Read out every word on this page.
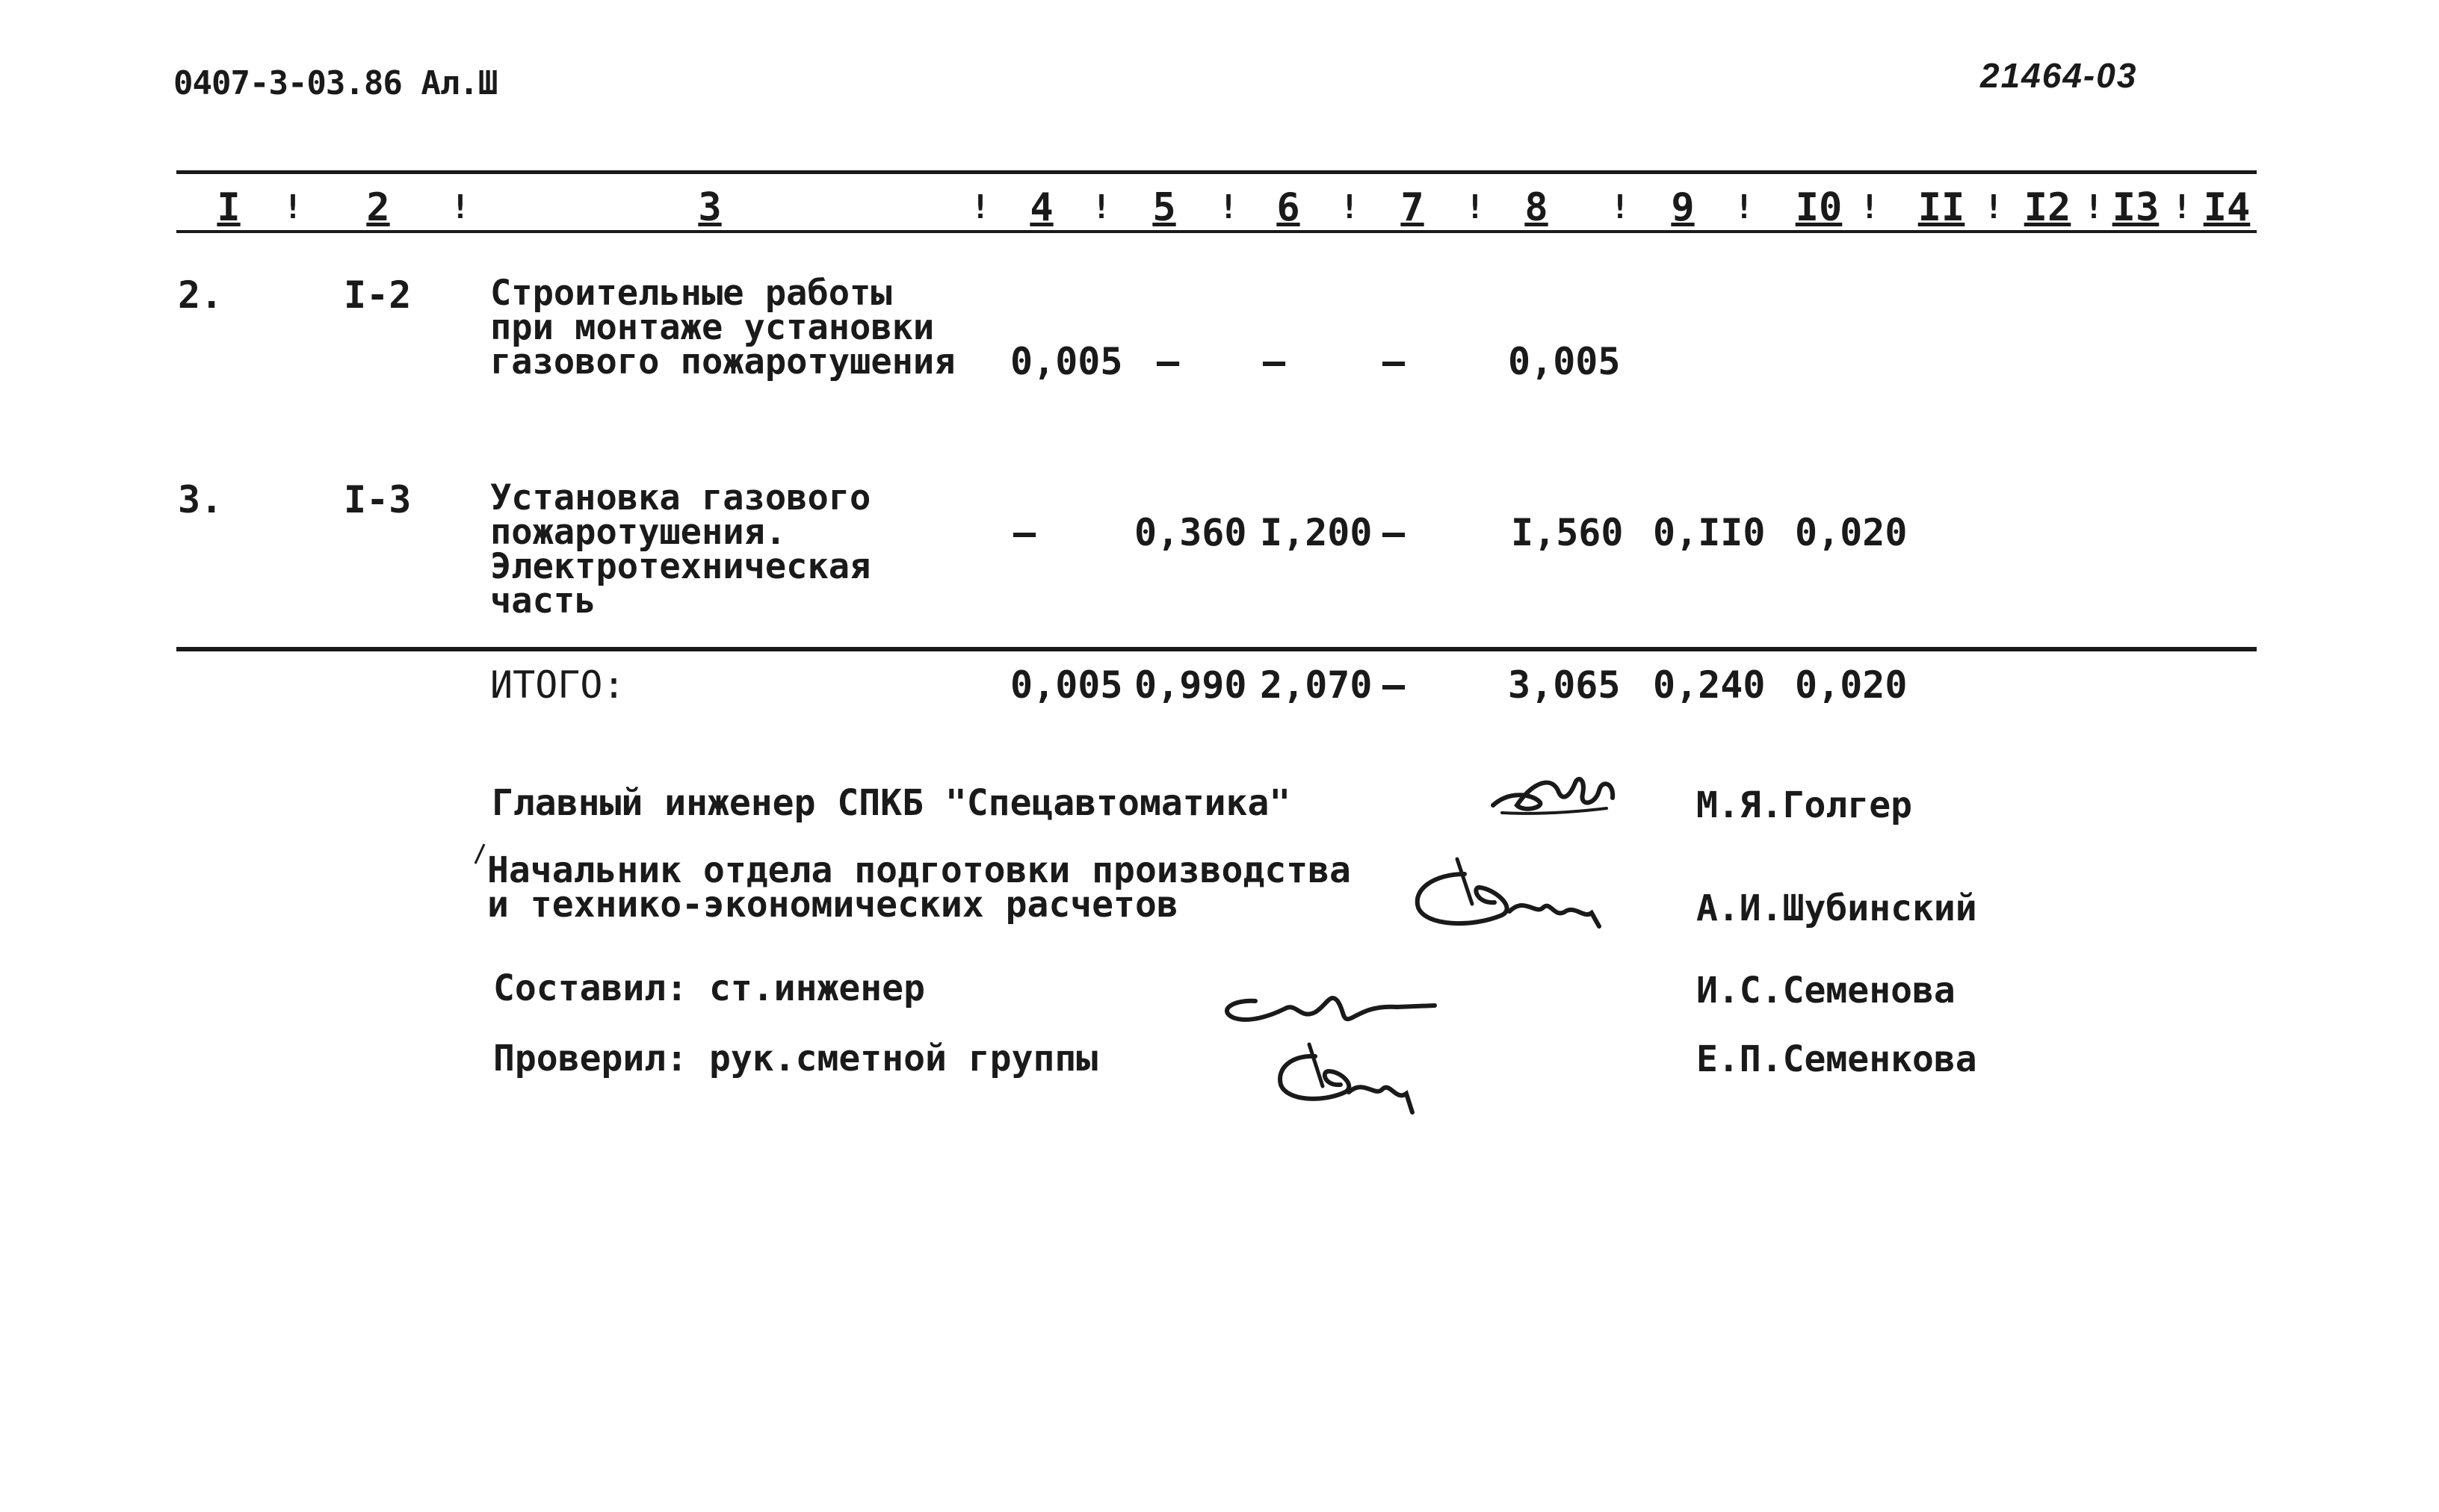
0407-3-03.86 Ал.Ш	21464-03
I ! 2 !	3	! 4 ! 5 ! 6 ! 7 ! 8 ! 9 ! I0 ! II ! I2 ! I3 ! I4
2.	I-2 Строительные работы
при монтаже установки
газового пожаротушения 0,005 – –	–	0,005
3.	I-3 Установка газового
пожаротушения.
Электротехническая
часть
–	0,360 I,200 –	I,560 0,II0 0,020
ИТОГО:	0,005 0,990 2,070 –	3,065 0,240 0,020
Главный инженер СПКБ "Спецавтоматика"	М.Я.Голгер
Начальник отдела подготовки производства
и технико-экономических расчетов	А.И.Шубинский
Составил: ст.инженер	И.С.Семенова
Проверил: рук.сметной группы	Е.П.Семенкова
